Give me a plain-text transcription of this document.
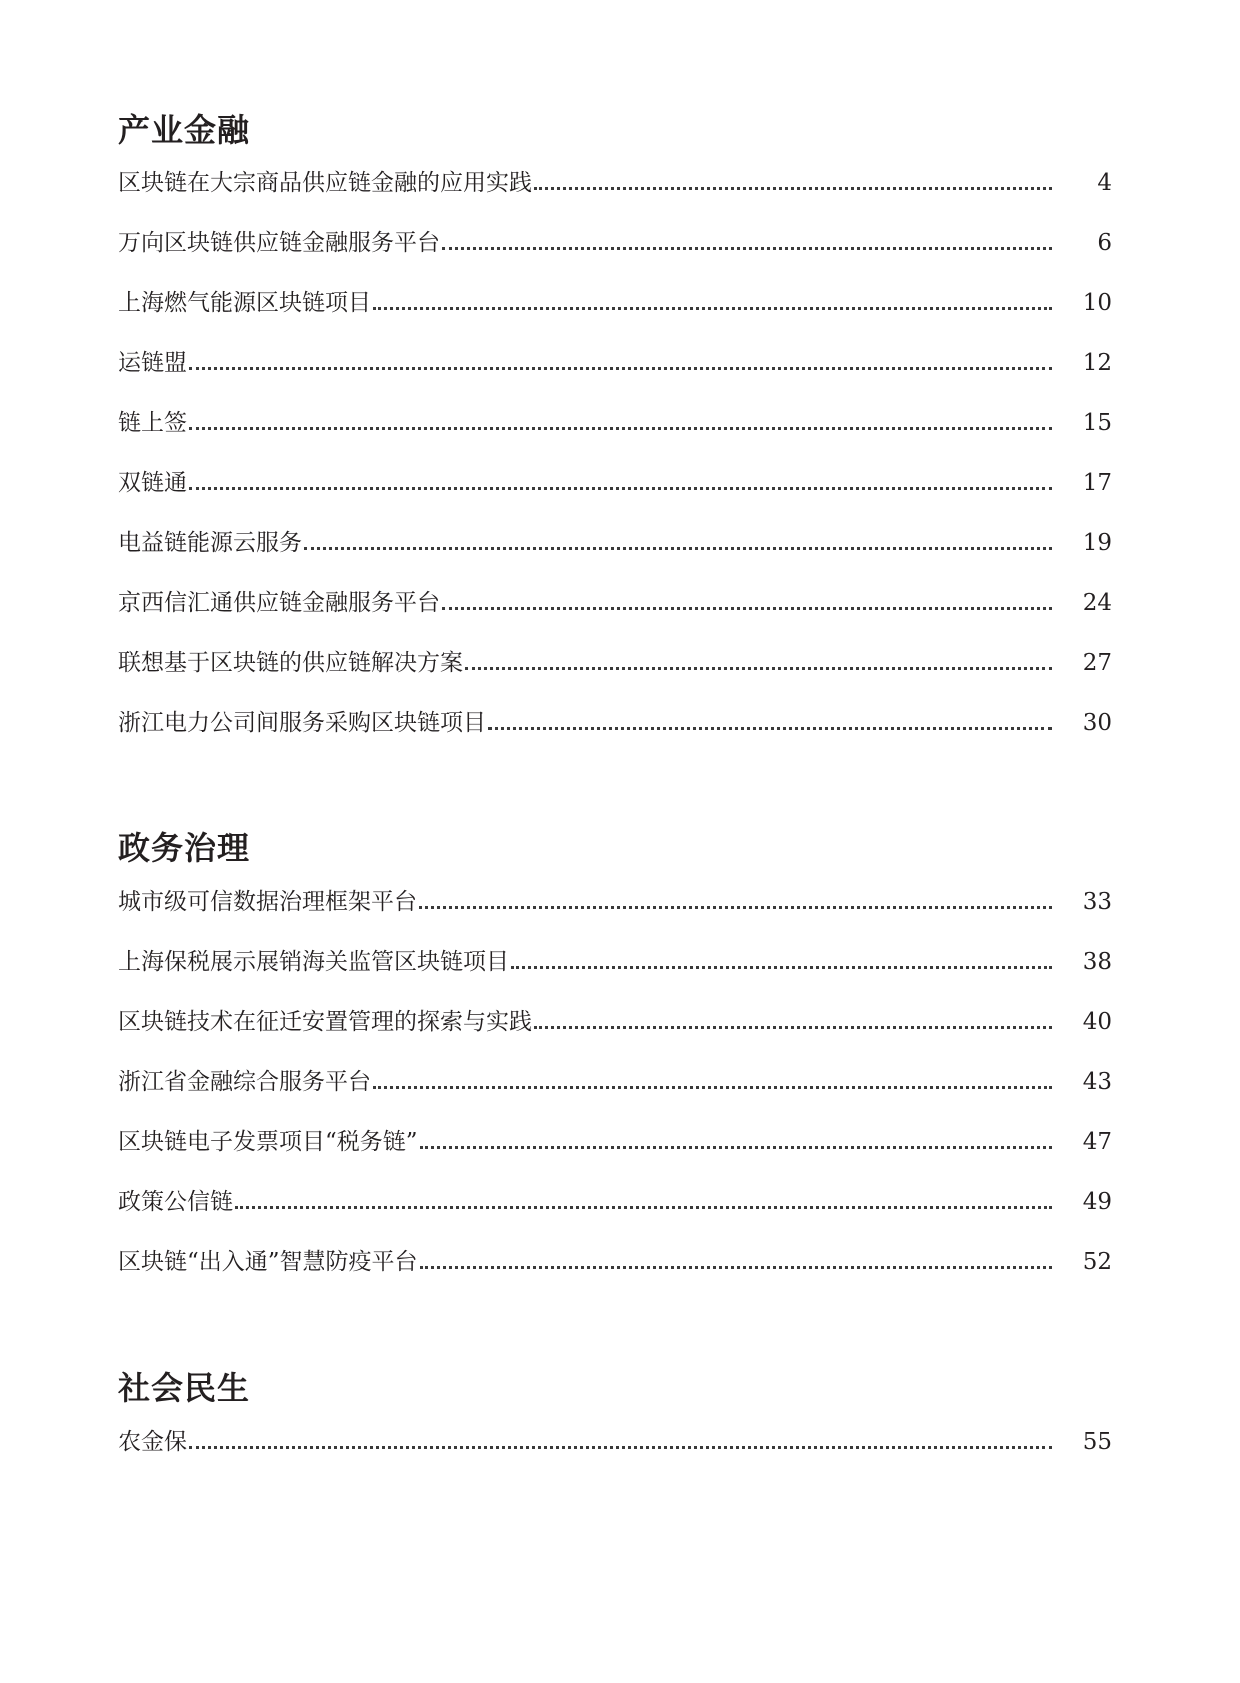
产业金融
区块链在大宗商品供应链金融的应用实践	4
万向区块链供应链金融服务平台	6
上海燃气能源区块链项目	10
运链盟	12
链上签	15
双链通	17
电益链能源云服务	19
京西信汇通供应链金融服务平台	24
联想基于区块链的供应链解决方案	27
浙江电力公司间服务采购区块链项目	30
政务治理
城市级可信数据治理框架平台	33
上海保税展示展销海关监管区块链项目	38
区块链技术在征迁安置管理的探索与实践	40
浙江省金融综合服务平台	43
区块链电子发票项目“税务链”	47
政策公信链	49
区块链“出入通”智慧防疫平台	52
社会民生
农金保	55
